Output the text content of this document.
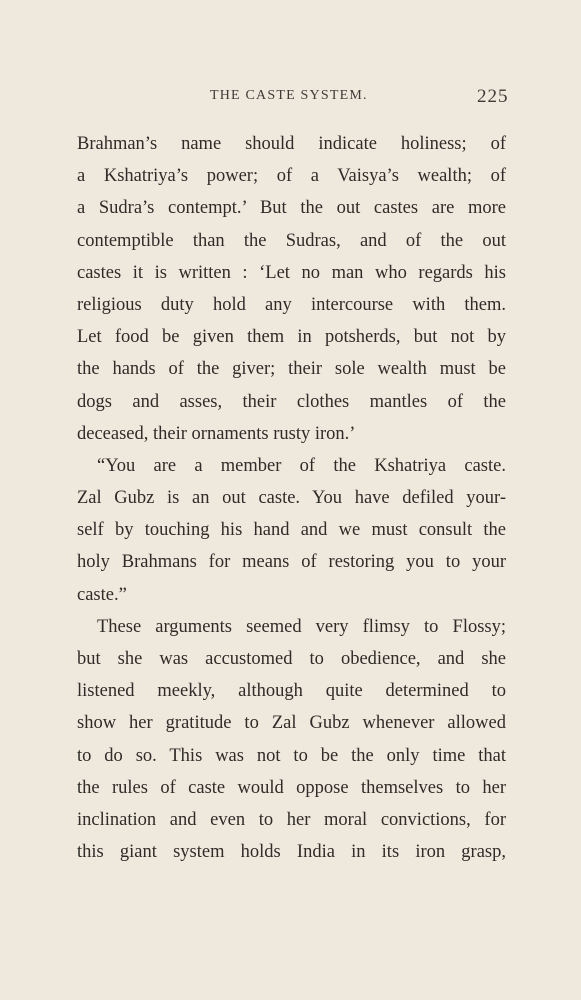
THE CASTE SYSTEM.	225
Brahman’s name should indicate holiness; of
a Kshatriya’s power; of a Vaisya’s wealth; of
a Sudra’s contempt.’ But the out castes are more
contemptible than the Sudras, and of the out
castes it is written : ‘Let no man who regards his
religious duty hold any intercourse with them.
Let food be given them in potsherds, but not by
the hands of the giver; their sole wealth must be
dogs and asses, their clothes mantles of the
deceased, their ornaments rusty iron.’
“You are a member of the Kshatriya caste.
Zal Gubz is an out caste. You have defiled your-
self by touching his hand and we must consult the
holy Brahmans for means of restoring you to your
caste.”
These arguments seemed very flimsy to Flossy;
but she was accustomed to obedience, and she
listened meekly, although quite determined to
show her gratitude to Zal Gubz whenever allowed
to do so. This was not to be the only time that
the rules of caste would oppose themselves to her
inclination and even to her moral convictions, for
this giant system holds India in its iron grasp,
